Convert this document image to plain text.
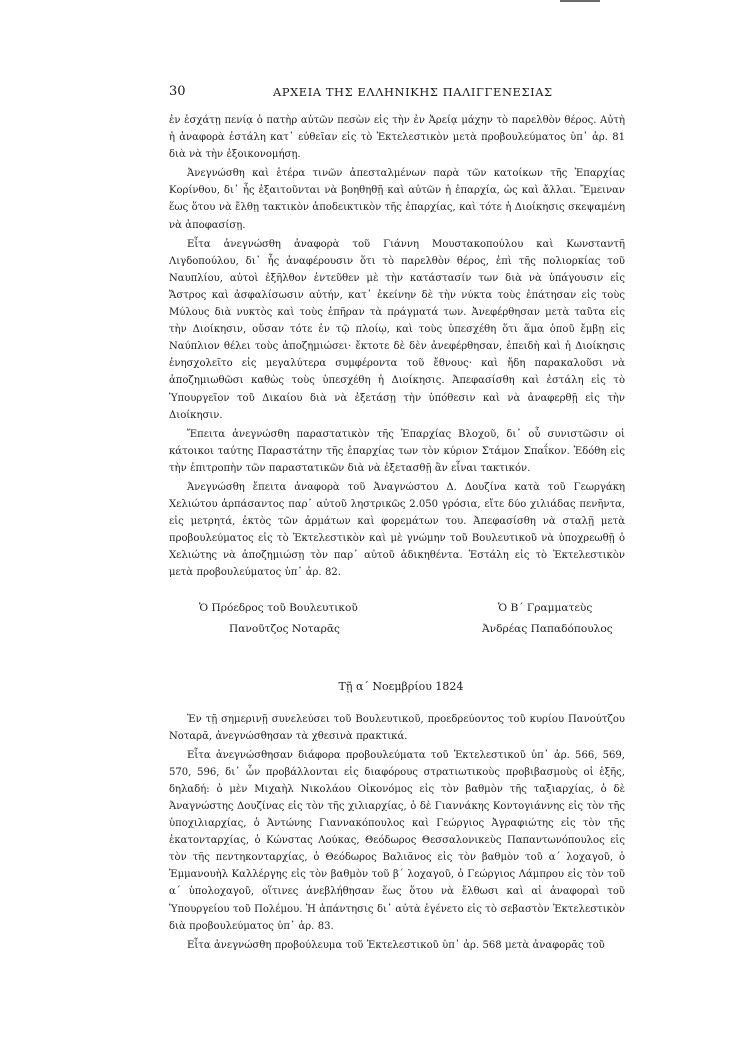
30	ΑΡΧΕΙΑ ΤΗΣ ΕΛΛΗΝΙΚΗΣ ΠΑΛΙΓΓΕΝΕΣΙΑΣ

ἐν ἐσχάτῃ πενίᾳ ὁ πατὴρ αὐτῶν πεσὼν εἰς τὴν ἐν Ἀρείᾳ μάχην τὸ παρελθὸν θέρος. Αὐτὴ ἡ ἀναφορὰ ἐστάλη κατ᾽ εὐθεῖαν εἰς τὸ Ἐκτελεστικὸν μετὰ προβουλεύματος ὑπ᾽ ἀρ. 81 διὰ νὰ τὴν ἐξοικονομήσῃ.

Ἀνεγνώσθη καὶ ἑτέρα τινῶν ἀπεσταλμένων παρὰ τῶν κατοίκων τῆς Ἐπαρχίας Κορίνθου, δι᾽ ἧς ἐξαιτοῦνται νὰ βοηθηθῇ καὶ αὐτῶν ἡ ἐπαρχία, ὡς καὶ ἄλλαι. Ἔμειναν ἕως ὅτου νὰ ἔλθῃ τακτικὸν ἀποδεικτικὸν τῆς ἐπαρχίας, καὶ τότε ἡ Διοίκησις σκεψαμένη νὰ ἀποφασίσῃ.

Εἶτα ἀνεγνώσθη ἀναφορὰ τοῦ Γιάννη Μουστακοπούλου καὶ Κωνσταντῆ Λιγδοπούλου, δι᾽ ἧς ἀναφέρουσιν ὅτι τὸ παρελθὸν θέρος, ἐπὶ τῆς πολιορκίας τοῦ Ναυπλίου, αὐτοὶ ἐξῆλθον ἐντεῦθεν μὲ τὴν κατάστασίν των διὰ νὰ ὑπάγουσιν εἰς Ἄστρος καὶ ἀσφαλίσωσιν αὐτήν, κατ᾽ ἐκείνην δὲ τὴν νύκτα τοὺς ἐπάτησαν εἰς τοὺς Μύλους διὰ νυκτὸς καὶ τοὺς ἐπῆραν τὰ πράγματά των. Ἀνεφέρθησαν μετὰ ταῦτα εἰς τὴν Διοίκησιν, οὔσαν τότε ἐν τῷ πλοίῳ, καὶ τοὺς ὑπεσχέθη ὅτι ἅμα ὁποῦ ἔμβῃ εἰς Ναύπλιον θέλει τοὺς ἀποζημιώσει· ἔκτοτε δὲ δὲν ἀνεφέρθησαν, ἐπειδὴ καὶ ἡ Διοίκησις ἐνησχολεῖτο εἰς μεγαλύτερα συμφέροντα τοῦ ἔθνους· καὶ ἤδη παρακαλοῦσι νὰ ἀποζημιωθῶσι καθὼς τοὺς ὑπεσχέθη ἡ Διοίκησις. Ἀπεφασίσθη καὶ ἐστάλη εἰς τὸ Ὑπουργεῖον τοῦ Δικαίου διὰ νὰ ἐξετάσῃ τὴν ὑπόθεσιν καὶ νὰ ἀναφερθῇ εἰς τὴν Διοίκησιν.

Ἔπειτα ἀνεγνώσθη παραστατικὸν τῆς Ἐπαρχίας Βλοχοῦ, δι᾽ οὗ συνιστῶσιν οἱ κάτοικοι ταύτης Παραστάτην τῆς ἐπαρχίας των τὸν κύριον Στάμον Σπαΐκον. Ἐδόθη εἰς τὴν ἐπιτροπὴν τῶν παραστατικῶν διὰ νὰ ἐξετασθῇ ἂν εἶναι τακτικόν.

Ἀνεγνώσθη ἔπειτα ἀναφορὰ τοῦ Ἀναγνώστου Δ. Δουζίνα κατὰ τοῦ Γεωργάκη Χελιώτου ἁρπάσαντος παρ᾽ αὐτοῦ ληστρικῶς 2.050 γρόσια, εἴτε δύο χιλιάδας πενῆντα, εἰς μετρητά, ἐκτὸς τῶν ἀρμάτων καὶ φορεμάτων του. Ἀπεφασίσθη νὰ σταλῇ μετὰ προβουλεύματος εἰς τὸ Ἐκτελεστικὸν καὶ μὲ γνώμην τοῦ Βουλευτικοῦ νὰ ὑποχρεωθῇ ὁ Χελιώτης νὰ ἀποζημιώσῃ τὸν παρ᾽ αὐτοῦ ἀδικηθέντα. Ἐστάλη εἰς τὸ Ἐκτελεστικὸν μετὰ προβουλεύματος ὑπ᾽ ἀρ. 82.

Ὁ Πρόεδρος τοῦ Βουλευτικοῦ
Πανοῦτζος Νοταρᾶς
Ὁ Β΄ Γραμματεὺς
Ἀνδρέας Παπαδόπουλος
Τῇ α΄ Νοεμβρίου 1824

Ἐν τῇ σημερινῇ συνελεύσει τοῦ Βουλευτικοῦ, προεδρεύοντος τοῦ κυρίου Πανούτζου Νοταρᾶ, ἀνεγνώσθησαν τὰ χθεσινὰ πρακτικά.

Εἶτα ἀνεγνώσθησαν διάφορα προβουλεύματα τοῦ Ἐκτελεστικοῦ ὑπ᾽ ἀρ. 566, 569, 570, 596, δι᾽ ὧν προβάλλονται εἰς διαφόρους στρατιωτικοὺς προβιβασμοὺς οἱ ἑξῆς, δηλαδή: ὁ μὲν Μιχαὴλ Νικολάου Οἰκονόμος εἰς τὸν βαθμὸν τῆς ταξιαρχίας, ὁ δὲ Ἀναγνώστης Δουζίνας εἰς τὸν τῆς χιλιαρχίας, ὁ δὲ Γιαννάκης Κοντογιάννης εἰς τὸν τῆς ὑποχιλιαρχίας, ὁ Ἀντώνης Γιαννακόπουλος καὶ Γεώργιος Ἀγραφιώτης εἰς τὸν τῆς ἑκατονταρχίας, ὁ Κώνστας Λούκας, Θεόδωρος Θεσσαλονικεὺς Παπαντωνόπουλος εἰς τὸν τῆς πεντηκονταρχίας, ὁ Θεόδωρος Βαλιᾶνος εἰς τὸν βαθμὸν τοῦ α΄ λοχαγοῦ, ὁ Ἐμμανουὴλ Καλλέργης εἰς τὸν βαθμὸν τοῦ β΄ λοχαγοῦ, ὁ Γεώργιος Λάμπρου εἰς τὸν τοῦ α΄ ὑπολοχαγοῦ, οἵτινες ἀνεβλήθησαν ἕως ὅτου νὰ ἔλθωσι καὶ αἱ ἀναφοραὶ τοῦ Ὑπουργείου τοῦ Πολέμου. Ἡ ἀπάντησις δι᾽ αὐτὰ ἐγένετο εἰς τὸ σεβαστὸν Ἐκτελεστικὸν διὰ προβουλεύματος ὑπ᾽ ἀρ. 83.

Εἶτα ἀνεγνώσθη προβούλευμα τοῦ Ἐκτελεστικοῦ ὑπ᾽ ἀρ. 568 μετὰ ἀναφορᾶς τοῦ
